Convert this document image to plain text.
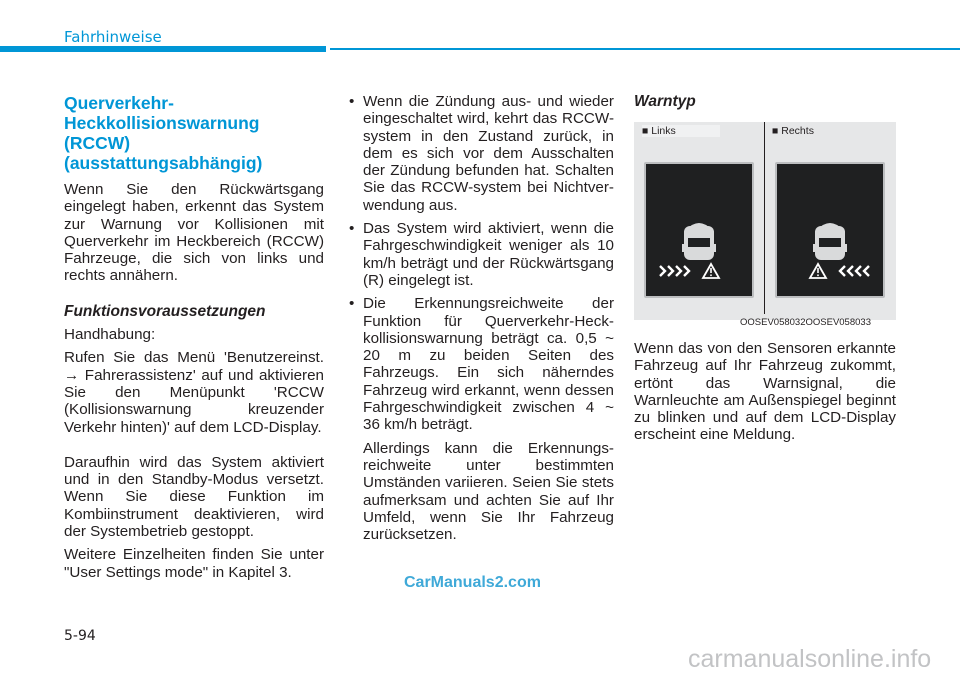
Fahrhinweise
Querverkehr-Heckkollisionswarnung (RCCW) (ausstattungsabhängig)

Wenn Sie den Rückwärtsgang eingelegt haben, erkennt das System zur Warnung vor Kollisionen mit Querverkehr im Heckbereich (RCCW) Fahrzeuge, die sich von links und rechts annähern.

Funktionsvoraussetzungen

Handhabung:

Rufen Sie das Menü 'Benutzereinst. → Fahrerassistenz' auf und aktivieren Sie den Menüpunkt 'RCCW (Kollisionswarnung kreuzender Verkehr hinten)' auf dem LCD-Display.

Daraufhin wird das System aktiviert und in den Standby-Modus versetzt. Wenn Sie diese Funktion im Kombiinstrument deaktivieren, wird der Systembetrieb gestoppt.

Weitere Einzelheiten finden Sie unter "User Settings mode" in Kapitel 3.

• Wenn die Zündung aus- und wieder eingeschaltet wird, kehrt das RCCW-system in den Zustand zurück, in dem es sich vor dem Ausschalten der Zündung befunden hat. Schalten Sie das RCCW-system bei Nichtver-wendung aus.
• Das System wird aktiviert, wenn die Fahrgeschwindigkeit weniger als 10 km/h beträgt und der Rückwärtsgang (R) eingelegt ist.
• Die Erkennungsreichweite der Funktion für Querverkehr-Heck-kollisionswarnung beträgt ca. 0,5 ~ 20 m zu beiden Seiten des Fahrzeugs. Ein sich näherndes Fahrzeug wird erkannt, wenn dessen Fahrgeschwindigkeit zwischen 4 ~ 36 km/h beträgt.
Allerdings kann die Erkennungs-reichweite unter bestimmten Umständen variieren. Seien Sie stets aufmerksam und achten Sie auf Ihr Umfeld, wenn Sie Ihr Fahrzeug zurücksetzen.
Warntyp
■ Links	■ Rechts
OOSEV058032OOSEV058033

Wenn das von den Sensoren erkannte Fahrzeug auf Ihr Fahrzeug zukommt, ertönt das Warnsignal, die Warnleuchte am Außenspiegel beginnt zu blinken und auf dem LCD-Display erscheint eine Meldung.

CarManuals2.com
5-94
carmanualsonline.info
